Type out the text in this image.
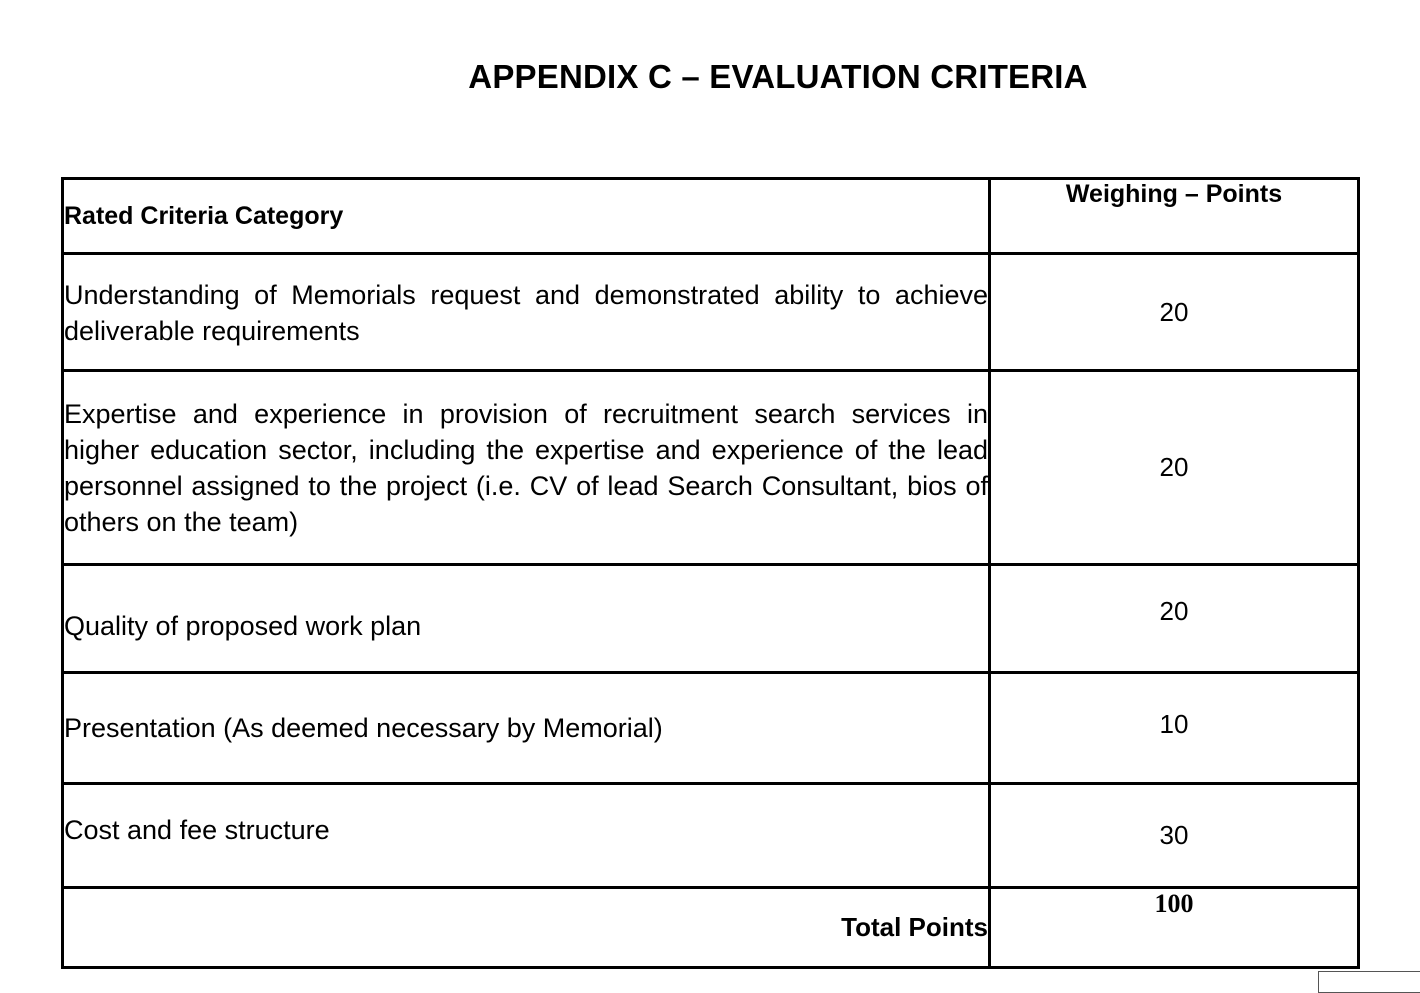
APPENDIX C – EVALUATION CRITERIA
Rated Criteria Category	Weighing – Points
Understanding of Memorials request and demonstrated ability to achieve deliverable requirements	20
Expertise and experience in provision of recruitment search services in higher education sector, including the expertise and experience of the lead personnel assigned to the project (i.e. CV of lead Search Consultant, bios of others on the team)	20
Quality of proposed work plan	20
Presentation (As deemed necessary by Memorial)	10
Cost and fee structure	30
Total Points	100
